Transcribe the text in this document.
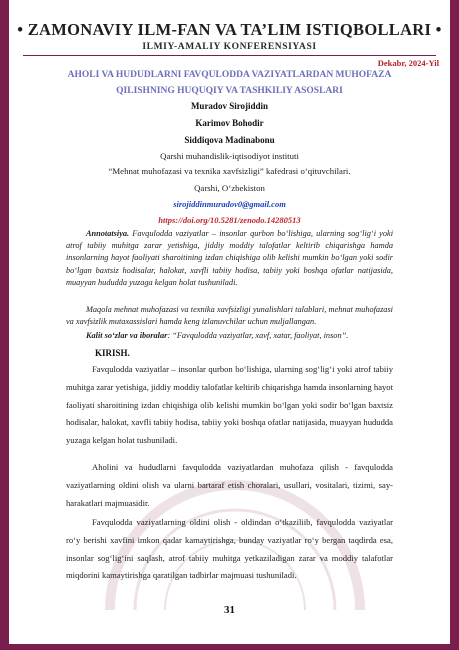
• ZAMONAVIY ILM-FAN VA TA’LIM ISTIQBOLLARI •
ILMIY-AMALIY KONFERENSIYASI
Dekabr, 2024-Yil
AHOLI VA HUDUDLARNI FAVQULODDA VAZIYATLARDAN MUHOFAZA
QILISHNING HUQUQIY VA TASHKILIY ASOSLARI
Muradov Sirojiddin
Karimov Bohodir
Siddiqova Madinabonu
Qarshi muhandislik-iqtisodiyot instituti
“Mehnat muhofazasi va texnika xavfsizligi” kafedrasi o‘qituvchilari.
Qarshi, O‘zbekiston
sirojiddinmuradov0@gmail.com
https://doi.org/10.5281/zenodo.14280513

Annotatsiya. Favqulodda vaziyatlar – insonlar qurbon bo‘lishiga, ularning sog‘lig‘i yoki atrof tabiiy muhitga zarar yetishiga, jiddiy moddiy talofatlar keltirib chiqarishga hamda insonlarning hayot faoliyati sharoitining izdan chiqishiga olib kelishi mumkin bo‘lgan yoki sodir bo‘lgan baxtsiz hodisalar, halokat, xavfli tabiiy hodisa, tabiiy yoki boshqa ofatlar natijasida, muayyan hududda yuzaga kelgan holat tushuniladi.

Maqola mehnat muhofazasi va texnika xavfsizligi yunalishlari talablari, mehnat muhofazasi va xavfsizlik mutaxassislari hamda keng izlanuvchilar uchun muljallangan.

Kalit so‘zlar va iboralar: “Favqulodda vaziyatlar, xavf, xatar, faoliyat, inson”.

KIRISH.

Favqulodda vaziyatlar – insonlar qurbon bo‘lishiga, ularning sog‘lig‘i yoki atrof tabiiy muhitga zarar yetishiga, jiddiy moddiy talofatlar keltirib chiqarishga hamda insonlarning hayot faoliyati sharoitining izdan chiqishiga olib kelishi mumkin bo‘lgan yoki sodir bo‘lgan baxtsiz hodisalar, halokat, xavfli tabiiy hodisa, tabiiy yoki boshqa ofatlar natijasida, muayyan hududda yuzaga kelgan holat tushuniladi.

Aholini va hududlarni favqulodda vaziyatlardan muhofaza qilish - favqulodda vaziyatlarning oldini olish va ularni bartaraf etish choralari, usullari, vositalari, tizimi, say-harakatlari majmuasidir.

Favqulodda vaziyatlarning oldini olish - oldindan o‘tkaziliib, favqulodda vaziyatlar ro‘y berishi xavfini imkon qadar kamaytirishga, bunday vaziyatlar ro‘y bergan taqdirda esa, insonlar sog‘lig‘ini saqlash, atrof tabiiy muhitga yetkaziladigan zarar va moddiy talafotlar miqdorini kamaytirishga qaratilgan tadbirlar majmuasi tushuniladi.

31
